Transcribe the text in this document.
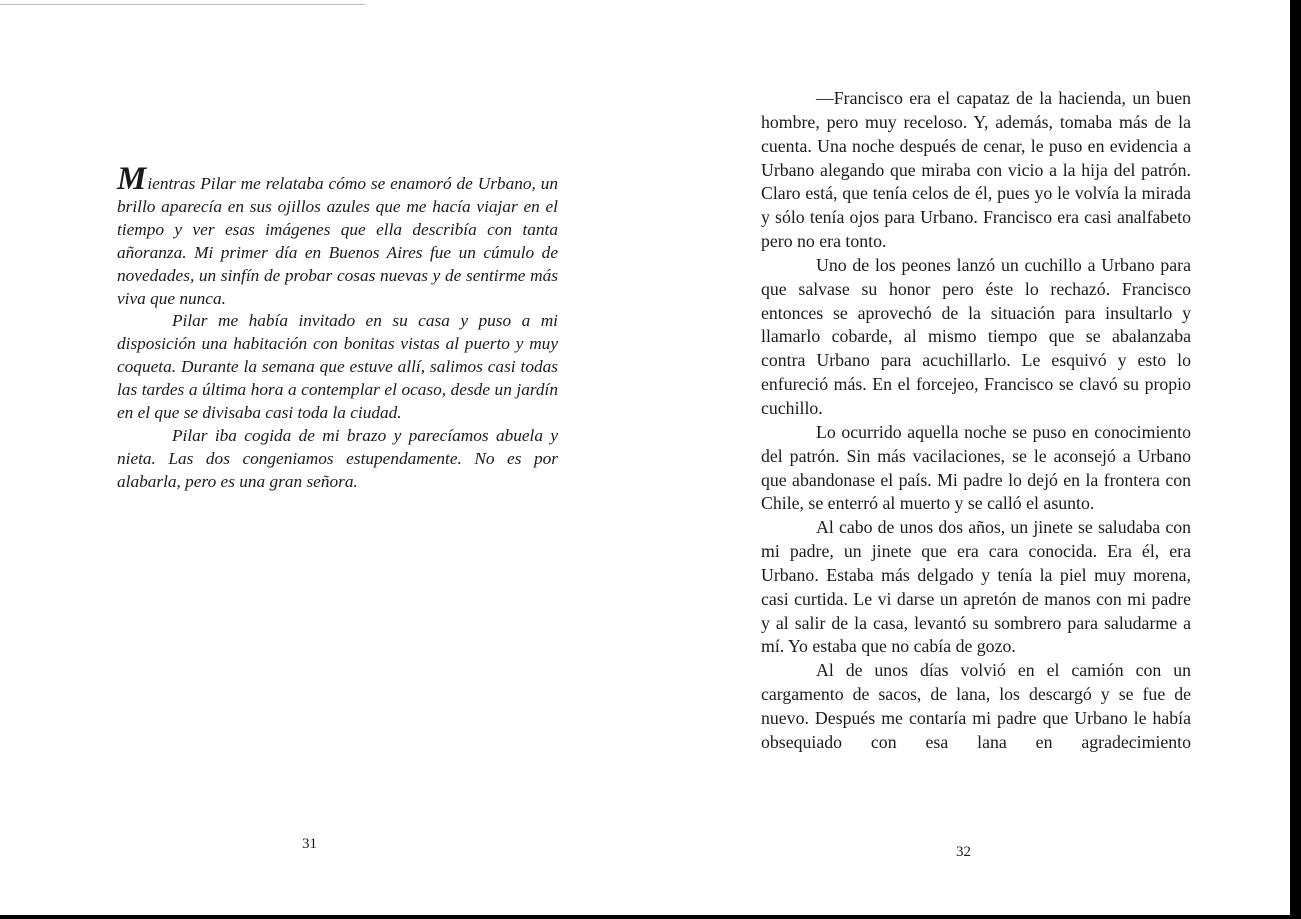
Mientras Pilar me relataba cómo se enamoró de Urbano, un brillo aparecía en sus ojillos azules que me hacía viajar en el tiempo y ver esas imágenes que ella describía con tanta añoranza. Mi primer día en Buenos Aires fue un cúmulo de novedades, un sinfín de probar cosas nuevas y de sentirme más viva que nunca.

Pilar me había invitado en su casa y puso a mi disposición una habitación con bonitas vistas al puerto y muy coqueta. Durante la semana que estuve allí, salimos casi todas las tardes a última hora a contemplar el ocaso, desde un jardín en el que se divisaba casi toda la ciudad.

Pilar iba cogida de mi brazo y parecíamos abuela y nieta. Las dos congeniamos estupendamente. No es por alabarla, pero es una gran señora.

31

—Francisco era el capataz de la hacienda, un buen hombre, pero muy receloso. Y, además, tomaba más de la cuenta. Una noche después de cenar, le puso en evidencia a Urbano alegando que miraba con vicio a la hija del patrón. Claro está, que tenía celos de él, pues yo le volvía la mirada y sólo tenía ojos para Urbano. Francisco era casi analfabeto pero no era tonto.

Uno de los peones lanzó un cuchillo a Urbano para que salvase su honor pero éste lo rechazó. Francisco entonces se aprovechó de la situación para insultarlo y llamarlo cobarde, al mismo tiempo que se abalanzaba contra Urbano para acuchillarlo. Le esquivó y esto lo enfureció más. En el forcejeo, Francisco se clavó su propio cuchillo.

Lo ocurrido aquella noche se puso en conocimiento del patrón. Sin más vacilaciones, se le aconsejó a Urbano que abandonase el país. Mi padre lo dejó en la frontera con Chile, se enterró al muerto y se calló el asunto.

Al cabo de unos dos años, un jinete se saludaba con mi padre, un jinete que era cara conocida. Era él, era Urbano. Estaba más delgado y tenía la piel muy morena, casi curtida. Le vi darse un apretón de manos con mi padre y al salir de la casa, levantó su sombrero para saludarme a mí. Yo estaba que no cabía de gozo.

Al de unos días volvió en el camión con un cargamento de sacos, de lana, los descargó y se fue de nuevo. Después me contaría mi padre que Urbano le había obsequiado con esa lana en agradecimiento

32
